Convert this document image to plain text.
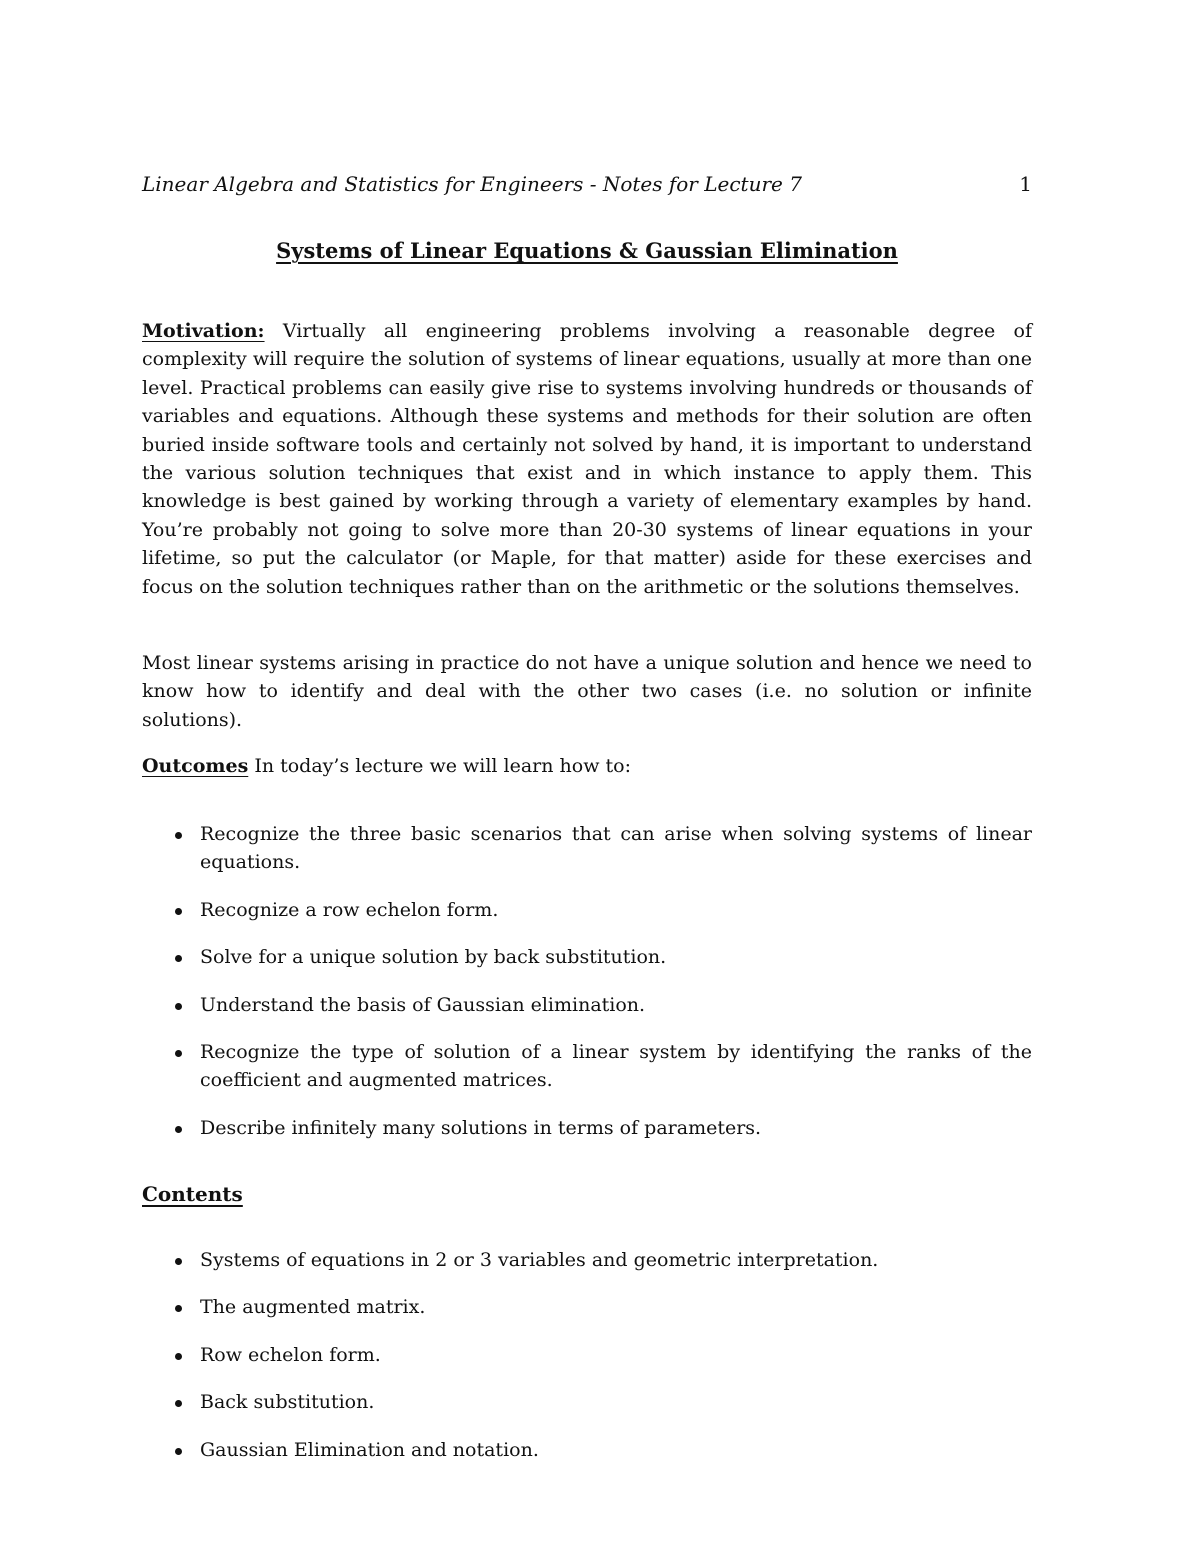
Linear Algebra and Statistics for Engineers - Notes for Lecture 7	1
Systems of Linear Equations & Gaussian Elimination

Motivation: Virtually all engineering problems involving a reasonable degree of complexity will require the solution of systems of linear equations, usually at more than one level. Practical problems can easily give rise to systems involving hundreds or thousands of variables and equations. Although these systems and methods for their solution are often buried inside software tools and certainly not solved by hand, it is important to understand the various solution techniques that exist and in which instance to apply them. This knowledge is best gained by working through a variety of elementary examples by hand. You’re probably not going to solve more than 20-30 systems of linear equations in your lifetime, so put the calculator (or Maple, for that matter) aside for these exercises and focus on the solution techniques rather than on the arithmetic or the solutions themselves.

Most linear systems arising in practice do not have a unique solution and hence we need to know how to identify and deal with the other two cases (i.e. no solution or infinite solutions).

Outcomes In today’s lecture we will learn how to:

Recognize the three basic scenarios that can arise when solving systems of linear equations.
Recognize a row echelon form.
Solve for a unique solution by back substitution.
Understand the basis of Gaussian elimination.
Recognize the type of solution of a linear system by identifying the ranks of the coefficient and augmented matrices.
Describe infinitely many solutions in terms of parameters.
Contents
Systems of equations in 2 or 3 variables and geometric interpretation.
The augmented matrix.
Row echelon form.
Back substitution.
Gaussian Elimination and notation.
